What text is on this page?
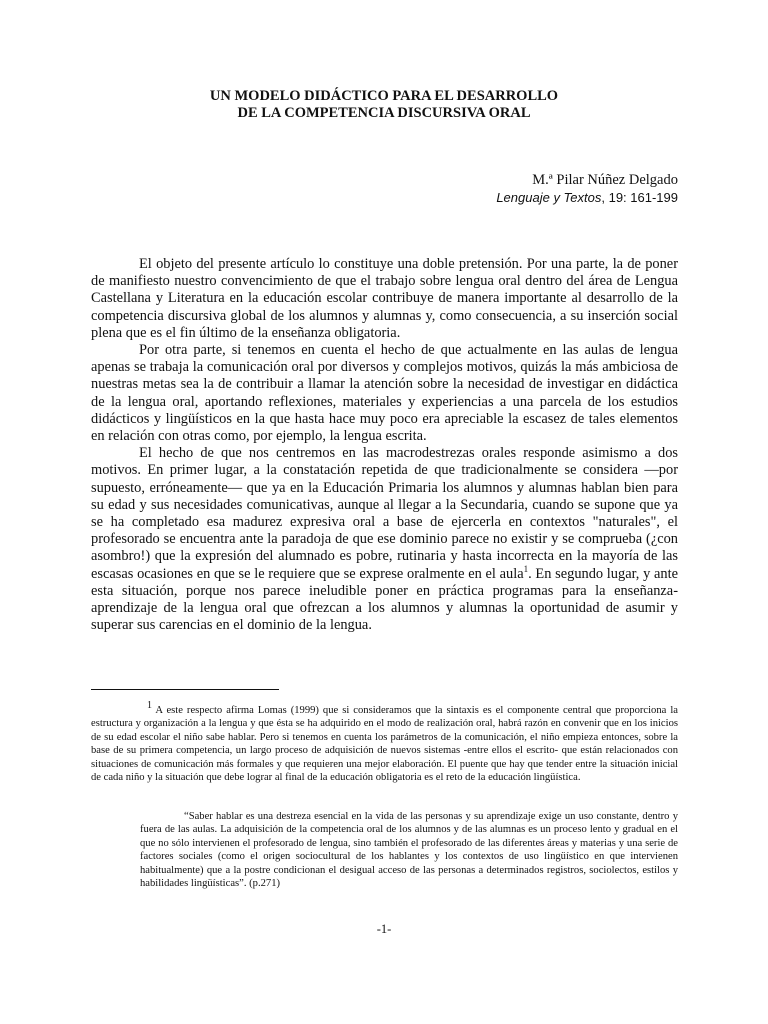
UN MODELO DIDÁCTICO PARA EL DESARROLLO
DE LA COMPETENCIA DISCURSIVA ORAL
M.ª Pilar Núñez Delgado
Lenguaje y Textos, 19: 161-199

El objeto del presente artículo lo constituye una doble pretensión. Por una parte, la de poner de manifiesto nuestro convencimiento de que el trabajo sobre lengua oral dentro del área de Lengua Castellana y Literatura en la educación escolar contribuye de manera importante al desarrollo de la competencia discursiva global de los alumnos y alumnas y, como consecuencia, a su inserción social plena que es el fin último de la enseñanza obligatoria.

Por otra parte, si tenemos en cuenta el hecho de que actualmente en las aulas de lengua apenas se trabaja la comunicación oral por diversos y complejos motivos, quizás la más ambiciosa de nuestras metas sea la de contribuir a llamar la atención sobre la necesidad de investigar en didáctica de la lengua oral, aportando reflexiones, materiales y experiencias a una parcela de los estudios didácticos y lingüísticos en la que hasta hace muy poco era apreciable la escasez de tales elementos en relación con otras como, por ejemplo, la lengua escrita.

El hecho de que nos centremos en las macrodestrezas orales responde asimismo a dos motivos. En primer lugar, a la constatación repetida de que tradicionalmente se considera —por supuesto, erróneamente— que ya en la Educación Primaria los alumnos y alumnas hablan bien para su edad y sus necesidades comunicativas, aunque al llegar a la Secundaria, cuando se supone que ya se ha completado esa madurez expresiva oral a base de ejercerla en contextos "naturales", el profesorado se encuentra ante la paradoja de que ese dominio parece no existir y se comprueba (¿con asombro!) que la expresión del alumnado es pobre, rutinaria y hasta incorrecta en la mayoría de las escasas ocasiones en que se le requiere que se exprese oralmente en el aula$^1$. En segundo lugar, y ante esta situación, porque nos parece ineludible poner en práctica programas para la enseñanza-aprendizaje de la lengua oral que ofrezcan a los alumnos y alumnas la oportunidad de asumir y superar sus carencias en el dominio de la lengua.

1 A este respecto afirma Lomas (1999) que si consideramos que la sintaxis es el componente central que proporciona la estructura y organización a la lengua y que ésta se ha adquirido en el modo de realización oral, habrá razón en convenir que en los inicios de su edad escolar el niño sabe hablar. Pero si tenemos en cuenta los parámetros de la comunicación, el niño empieza entonces, sobre la base de su primera competencia, un largo proceso de adquisición de nuevos sistemas -entre ellos el escrito- que están relacionados con situaciones de comunicación más formales y que requieren una mejor elaboración. El puente que hay que tender entre la situación inicial de cada niño y la situación que debe lograr al final de la educación obligatoria es el reto de la educación lingüística.

“Saber hablar es una destreza esencial en la vida de las personas y su aprendizaje exige un uso constante, dentro y fuera de las aulas. La adquisición de la competencia oral de los alumnos y de las alumnas es un proceso lento y gradual en el que no sólo intervienen el profesorado de lengua, sino también el profesorado de las diferentes áreas y materias y una serie de factores sociales (como el origen sociocultural de los hablantes y los contextos de uso lingüístico en que intervienen habitualmente) que a la postre condicionan el desigual acceso de las personas a determinados registros, sociolectos, estilos y habilidades lingüísticas”. (p.271)

-1-
